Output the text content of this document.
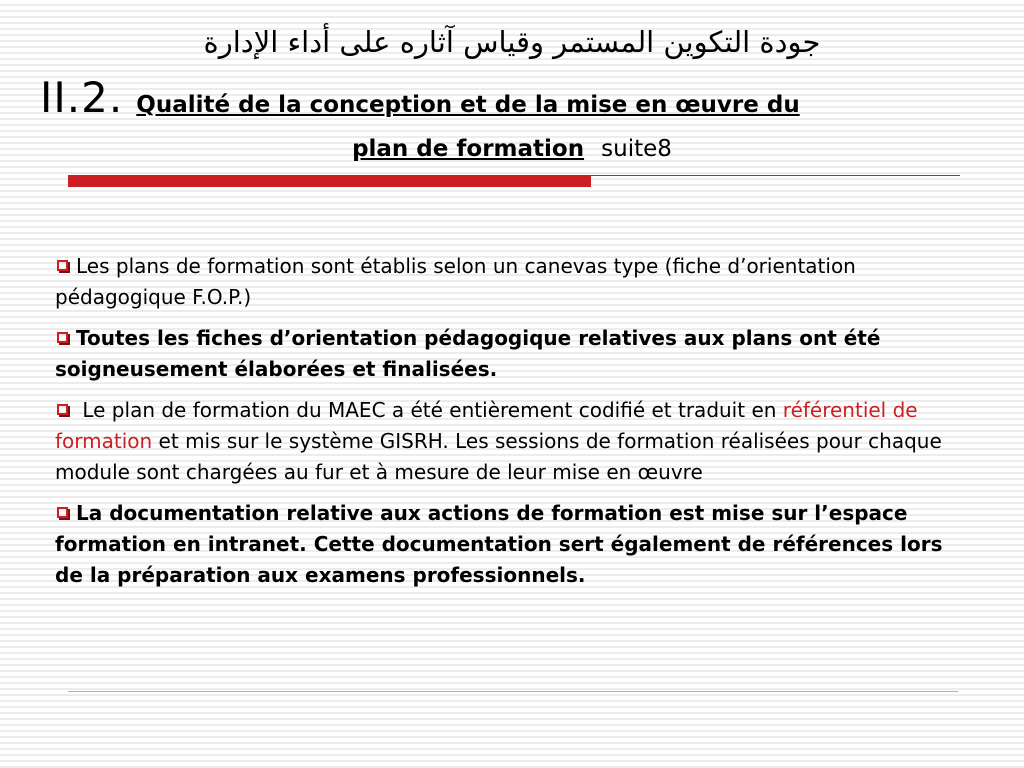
جودة التكوين المستمر وقياس آثاره على أداء الإدارة
II.2. Qualité de la conception et de la mise en œuvre du
plan de formation suite8
Les plans de formation sont établis selon un canevas type (fiche d’orientation pédagogique F.O.P.)
Toutes les fiches d’orientation pédagogique relatives aux plans ont été soigneusement élaborées et finalisées.
Le plan de formation du MAEC a été entièrement codifié et traduit en référentiel de formation et mis sur le système GISRH. Les sessions de formation réalisées pour chaque module sont chargées au fur et à mesure de leur mise en œuvre
La documentation relative aux actions de formation est mise sur l’espace formation en intranet. Cette documentation sert également de références lors de la préparation aux examens professionnels.
